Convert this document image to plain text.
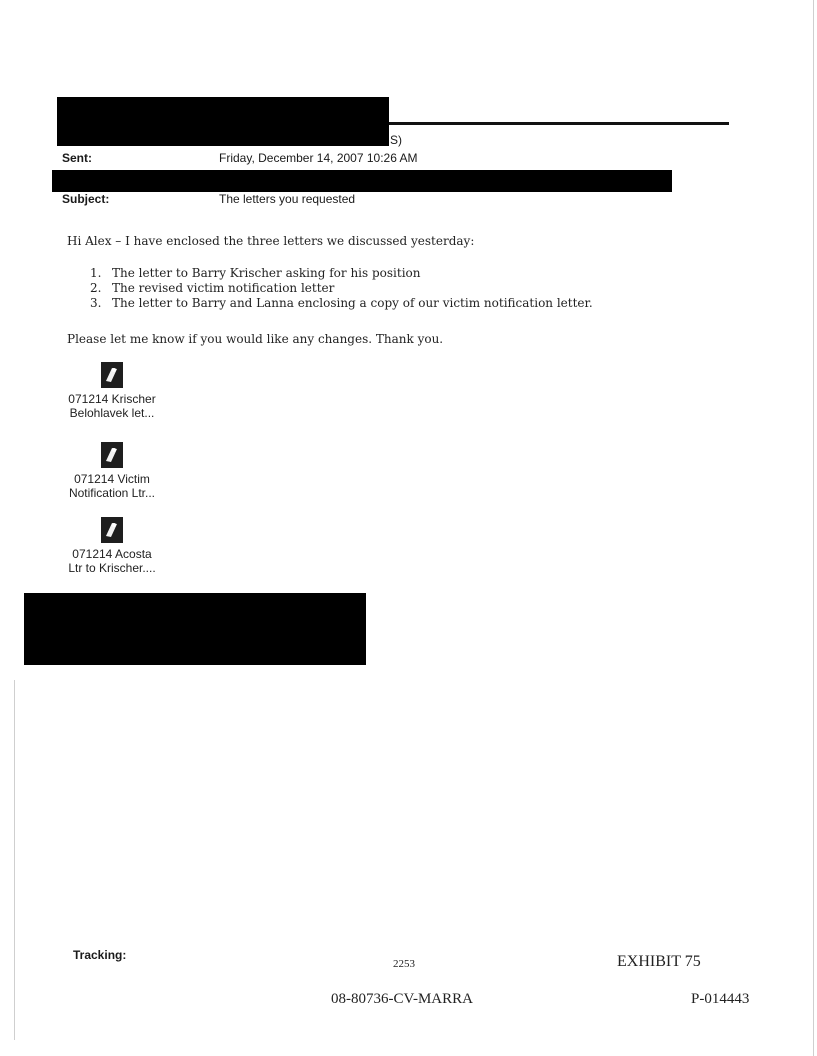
S)
Sent:	Friday, December 14, 2007 10:26 AM
Subject:	The letters you requested
Hi Alex – I have enclosed the three letters we discussed yesterday:
1. The letter to Barry Krischer asking for his position
2. The revised victim notification letter
3. The letter to Barry and Lanna enclosing a copy of our victim notification letter.
Please let me know if you would like any changes. Thank you.
071214 Krischer
Belohlavek let...
071214 Victim
Notification Ltr...
071214 Acosta
Ltr to Krischer....
Tracking:
2253	EXHIBIT 75
08-80736-CV-MARRA	P-014443
